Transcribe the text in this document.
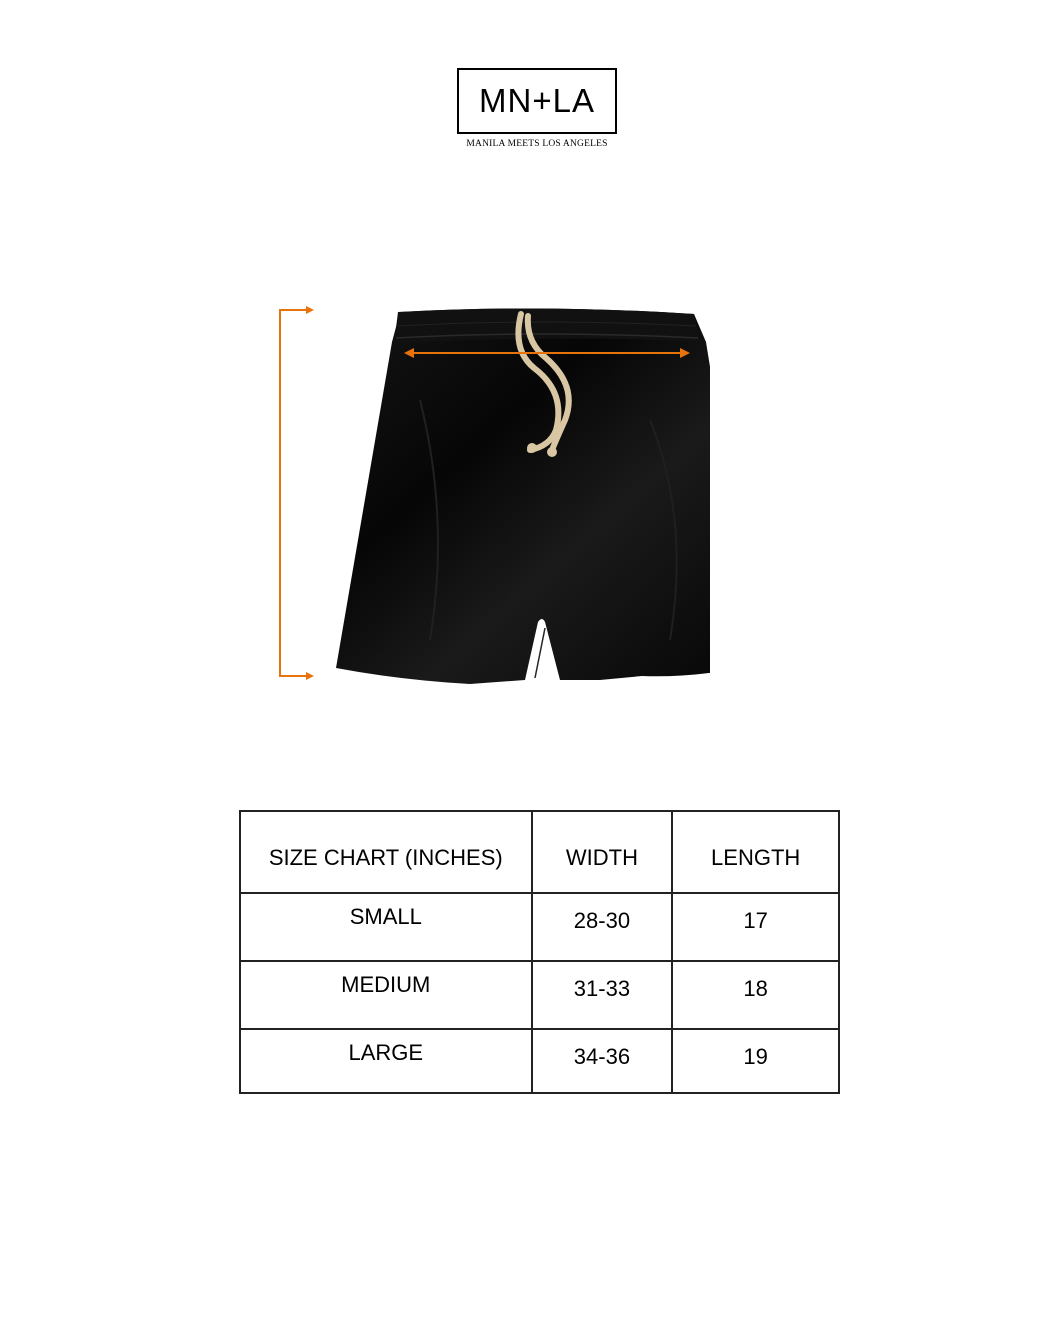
MN+LA
MANILA MEETS LOS ANGELES
SIZE CHART (INCHES)	WIDTH	LENGTH
SMALL	28-30	17
MEDIUM	31-33	18
LARGE	34-36	19
